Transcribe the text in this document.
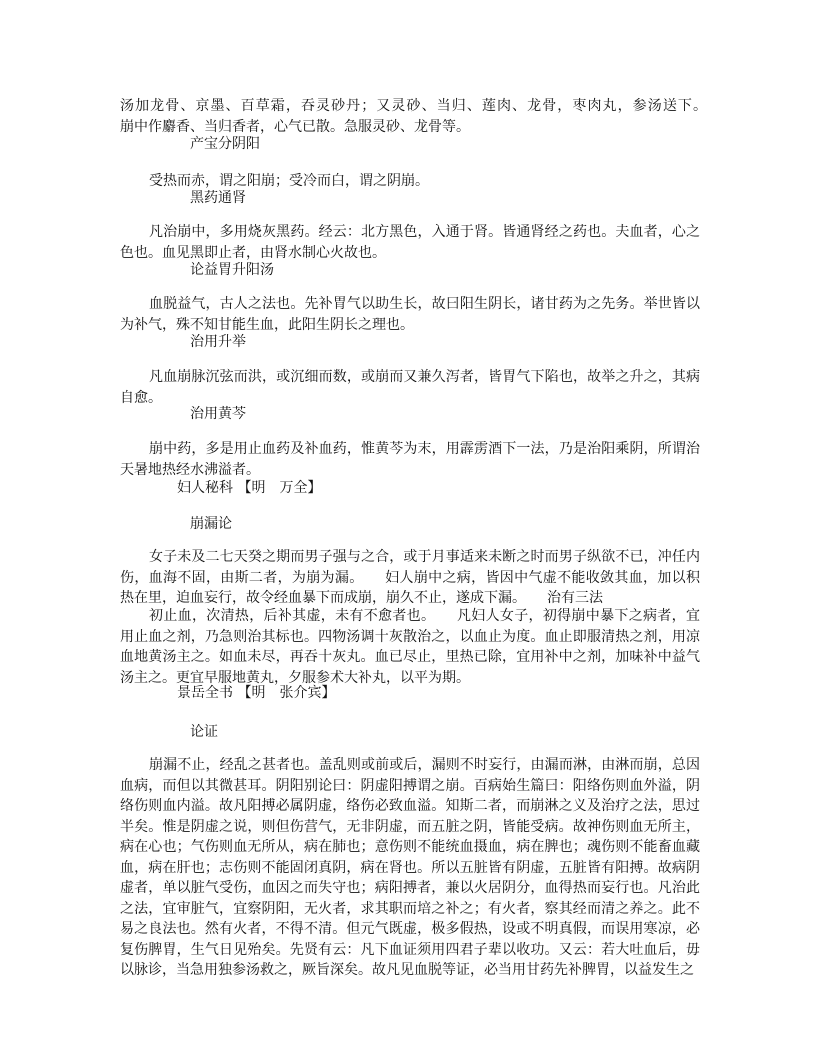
汤加龙骨、京墨、百草霜，吞灵砂丹；又灵砂、当归、莲肉、龙骨，枣肉丸，参汤送下。　　崩中作麝香、当归香者，心气已散。急服灵砂、龙骨等。
产宝分阴阳
受热而赤，谓之阳崩；受冷而白，谓之阴崩。
黑药通肾
凡治崩中，多用烧灰黑药。经云：北方黑色，入通于肾。皆通肾经之药也。夫血者，心之色也。血见黑即止者，由肾水制心火故也。
论益胃升阳汤
血脱益气，古人之法也。先补胃气以助生长，故曰阳生阴长，诸甘药为之先务。举世皆以为补气，殊不知甘能生血，此阳生阴长之理也。
治用升举
凡血崩脉沉弦而洪，或沉细而数，或崩而又兼久泻者，皆胃气下陷也，故举之升之，其病自愈。
治用黄芩
崩中药，多是用止血药及补血药，惟黄芩为末，用霹雳酒下一法，乃是治阳乘阴，所谓治天暑地热经水沸溢者。
妇人秘科 【明　万全】
崩漏论
女子未及二七天癸之期而男子强与之合，或于月事适来未断之时而男子纵欲不已，冲任内伤，血海不固，由斯二者，为崩为漏。　　妇人崩中之病，皆因中气虚不能收敛其血，加以积热在里，迫血妄行，故令经血暴下而成崩，崩久不止，遂成下漏。　　治有三法
初止血，次清热，后补其虚，未有不愈者也。　　凡妇人女子，初得崩中暴下之病者，宜用止血之剂，乃急则治其标也。四物汤调十灰散治之，以血止为度。血止即服清热之剂，用凉血地黄汤主之。如血未尽，再吞十灰丸。血已尽止，里热已除，宜用补中之剂，加味补中益气汤主之。更宜早服地黄丸，夕服参术大补丸，以平为期。
景岳全书 【明　张介宾】
论证
崩漏不止，经乱之甚者也。盖乱则或前或后，漏则不时妄行，由漏而淋，由淋而崩，总因血病，而但以其微甚耳。阴阳别论曰：阴虚阳搏谓之崩。百病始生篇曰：阳络伤则血外溢，阴络伤则血内溢。故凡阳搏必属阴虚，络伤必致血溢。知斯二者，而崩淋之义及治疗之法，思过半矣。惟是阴虚之说，则但伤营气，无非阴虚，而五脏之阴，皆能受病。故神伤则血无所主，病在心也；气伤则血无所从，病在肺也；意伤则不能统血摄血，病在脾也；魂伤则不能畜血藏血，病在肝也；志伤则不能固闭真阴，病在肾也。所以五脏皆有阴虚，五脏皆有阳搏。故病阴虚者，单以脏气受伤，血因之而失守也；病阳搏者，兼以火居阴分，血得热而妄行也。凡治此之法，宜审脏气，宜察阴阳，无火者，求其职而培之补之；有火者，察其经而清之养之。此不易之良法也。然有火者，不得不清。但元气既虚，极多假热，设或不明真假，而误用寒凉，必复伤脾胃，生气日见殆矣。先贤有云：凡下血证须用四君子辈以收功。又云：若大吐血后，毋以脉诊，当急用独参汤救之，厥旨深矣。故凡见血脱等证，必当用甘药先补脾胃，以益发生之
